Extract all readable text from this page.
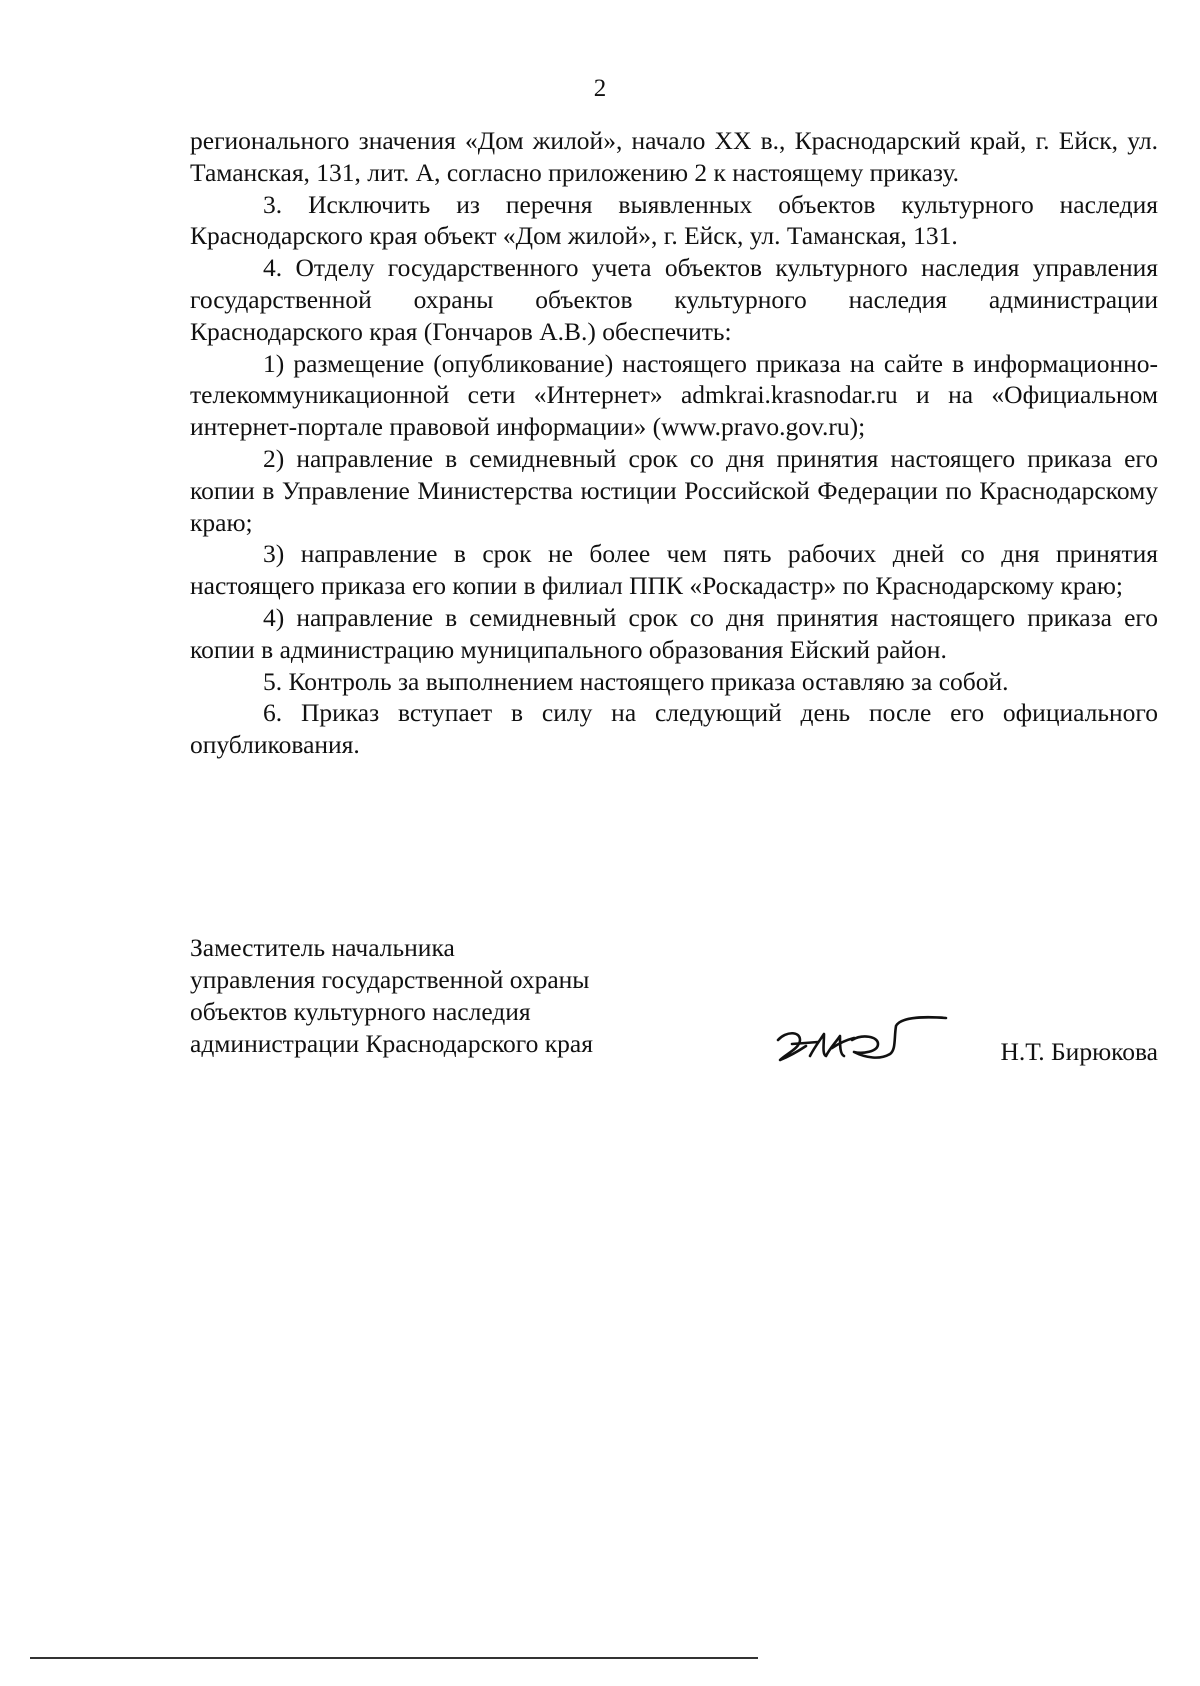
2

регионального значения «Дом жилой», начало XX в., Краснодарский край, г. Ейск, ул. Таманская, 131, лит. А, согласно приложению 2 к настоящему приказу.

3. Исключить из перечня выявленных объектов культурного наследия Краснодарского края объект «Дом жилой», г. Ейск, ул. Таманская, 131.

4. Отделу государственного учета объектов культурного наследия управления государственной охраны объектов культурного наследия администрации Краснодарского края (Гончаров А.В.) обеспечить:

1) размещение (опубликование) настоящего приказа на сайте в информационно-телекоммуникационной сети «Интернет» admkrai.krasnodar.ru и на «Официальном интернет-портале правовой информации» (www.pravo.gov.ru);

2) направление в семидневный срок со дня принятия настоящего приказа его копии в Управление Министерства юстиции Российской Федерации по Краснодарскому краю;

3) направление в срок не более чем пять рабочих дней со дня принятия настоящего приказа его копии в филиал ППК «Роскадастр» по Краснодарскому краю;

4) направление в семидневный срок со дня принятия настоящего приказа его копии в администрацию муниципального образования Ейский район.

5. Контроль за выполнением настоящего приказа оставляю за собой.

6. Приказ вступает в силу на следующий день после его официального опубликования.

Заместитель начальника
управления государственной охраны
объектов культурного наследия
администрации Краснодарского края	Н.Т. Бирюкова
